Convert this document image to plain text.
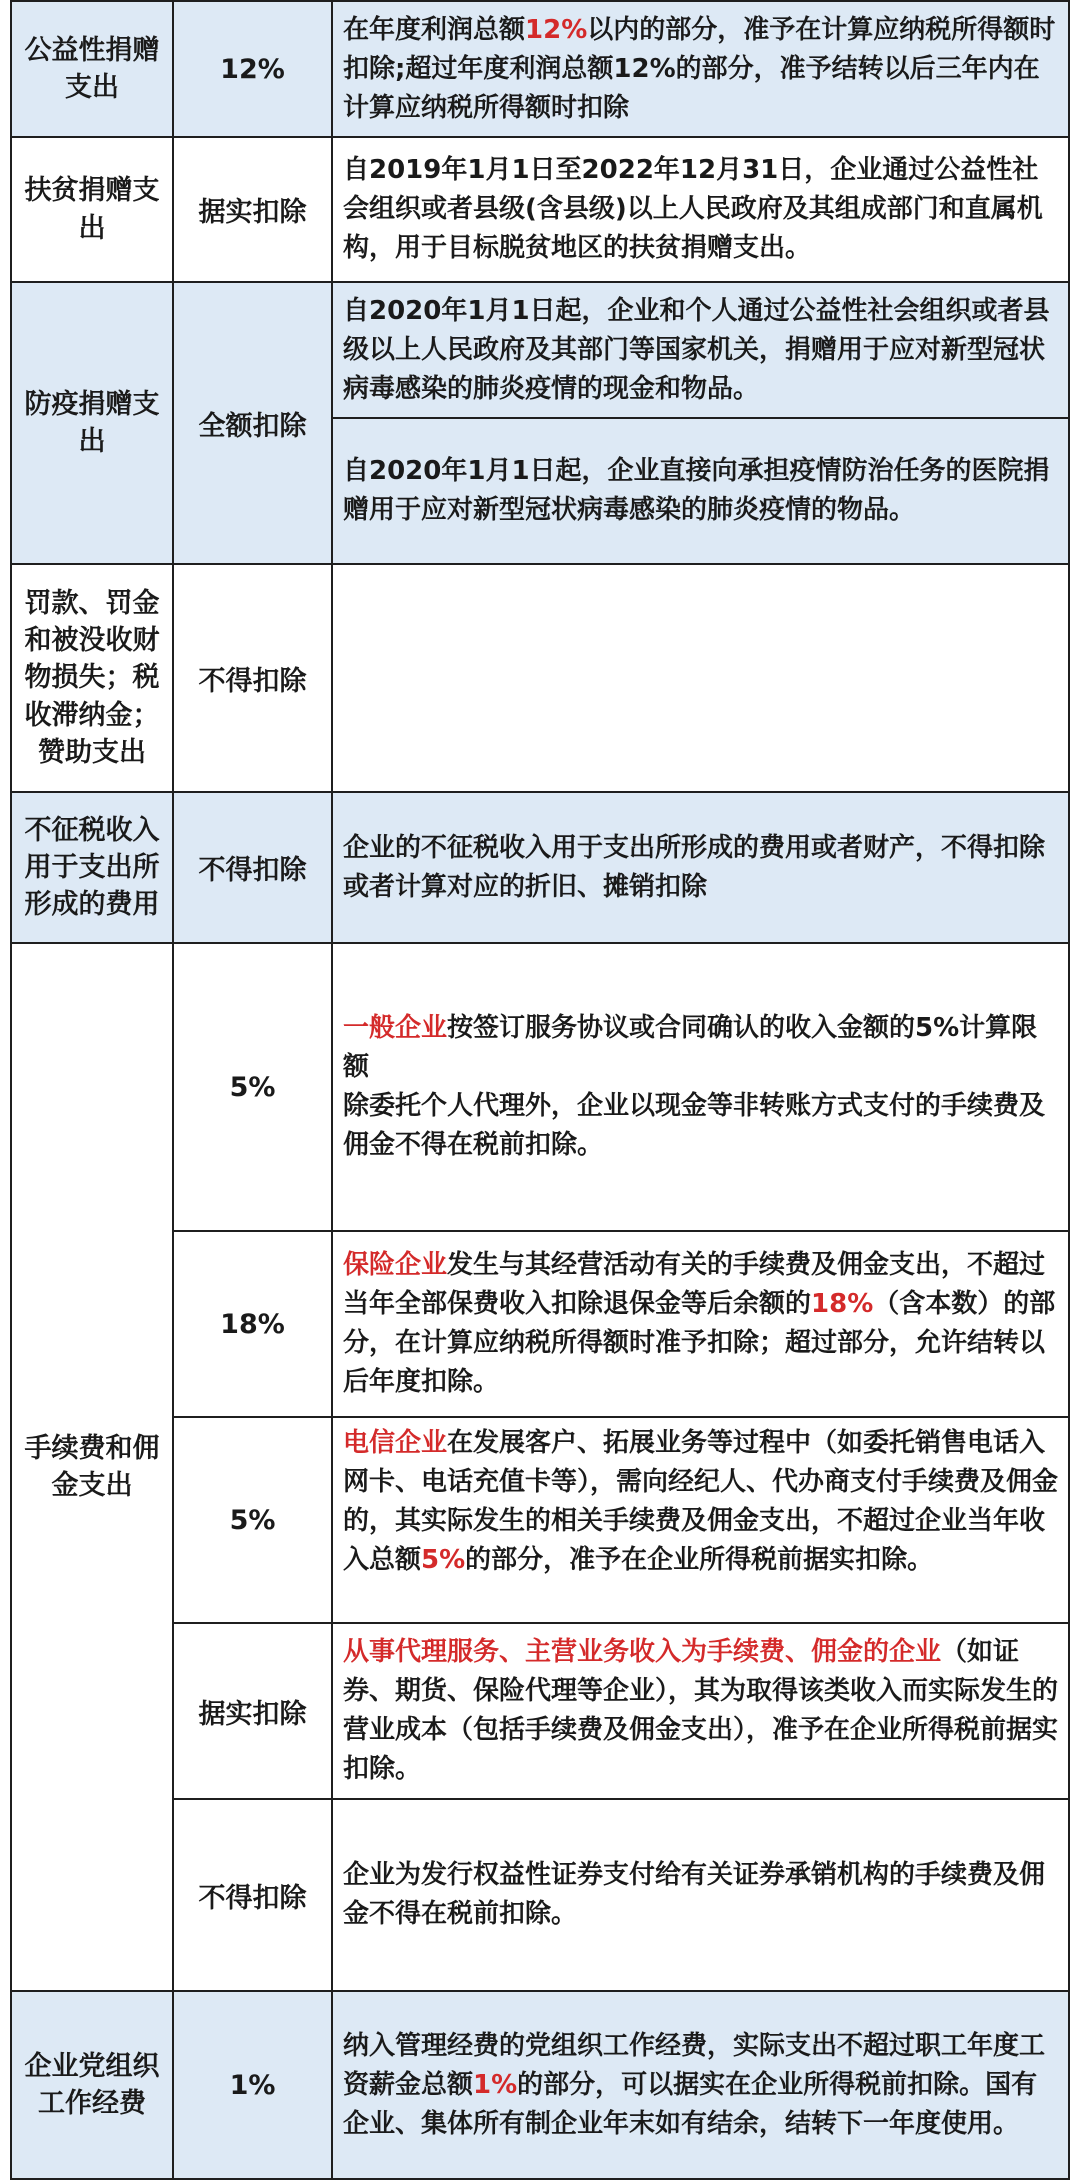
公益性捐赠支出	12%	在年度利润总额12%以内的部分，准予在计算应纳税所得额时扣除;超过年度利润总额12%的部分，准予结转以后三年内在计算应纳税所得额时扣除
扶贫捐赠支出	据实扣除	自2019年1月1日至2022年12月31日，企业通过公益性社会组织或者县级(含县级)以上人民政府及其组成部门和直属机构，用于目标脱贫地区的扶贫捐赠支出。
防疫捐赠支出	全额扣除	自2020年1月1日起，企业和个人通过公益性社会组织或者县级以上人民政府及其部门等国家机关，捐赠用于应对新型冠状病毒感染的肺炎疫情的现金和物品。
		自2020年1月1日起，企业直接向承担疫情防治任务的医院捐赠用于应对新型冠状病毒感染的肺炎疫情的物品。
罚款、罚金和被没收财物损失；税收滞纳金；赞助支出	不得扣除	
不征税收入用于支出所形成的费用	不得扣除	企业的不征税收入用于支出所形成的费用或者财产，不得扣除或者计算对应的折旧、摊销扣除
手续费和佣金支出	5%	一般企业按签订服务协议或合同确认的收入金额的5%计算限额
除委托个人代理外，企业以现金等非转账方式支付的手续费及佣金不得在税前扣除。

	18%	保险企业发生与其经营活动有关的手续费及佣金支出，不超过当年全部保费收入扣除退保金等后余额的18%（含本数）的部分，在计算应纳税所得额时准予扣除；超过部分，允许结转以后年度扣除。
	5%	电信企业在发展客户、拓展业务等过程中（如委托销售电话入网卡、电话充值卡等），需向经纪人、代办商支付手续费及佣金的，其实际发生的相关手续费及佣金支出，不超过企业当年收入总额5%的部分，准予在企业所得税前据实扣除。
	据实扣除	从事代理服务、主营业务收入为手续费、佣金的企业（如证券、期货、保险代理等企业），其为取得该类收入而实际发生的营业成本（包括手续费及佣金支出），准予在企业所得税前据实扣除。
	不得扣除	企业为发行权益性证券支付给有关证券承销机构的手续费及佣金不得在税前扣除。
企业党组织工作经费	1%	纳入管理经费的党组织工作经费，实际支出不超过职工年度工资薪金总额1%的部分，可以据实在企业所得税前扣除。国有企业、集体所有制企业年末如有结余，结转下一年度使用。
